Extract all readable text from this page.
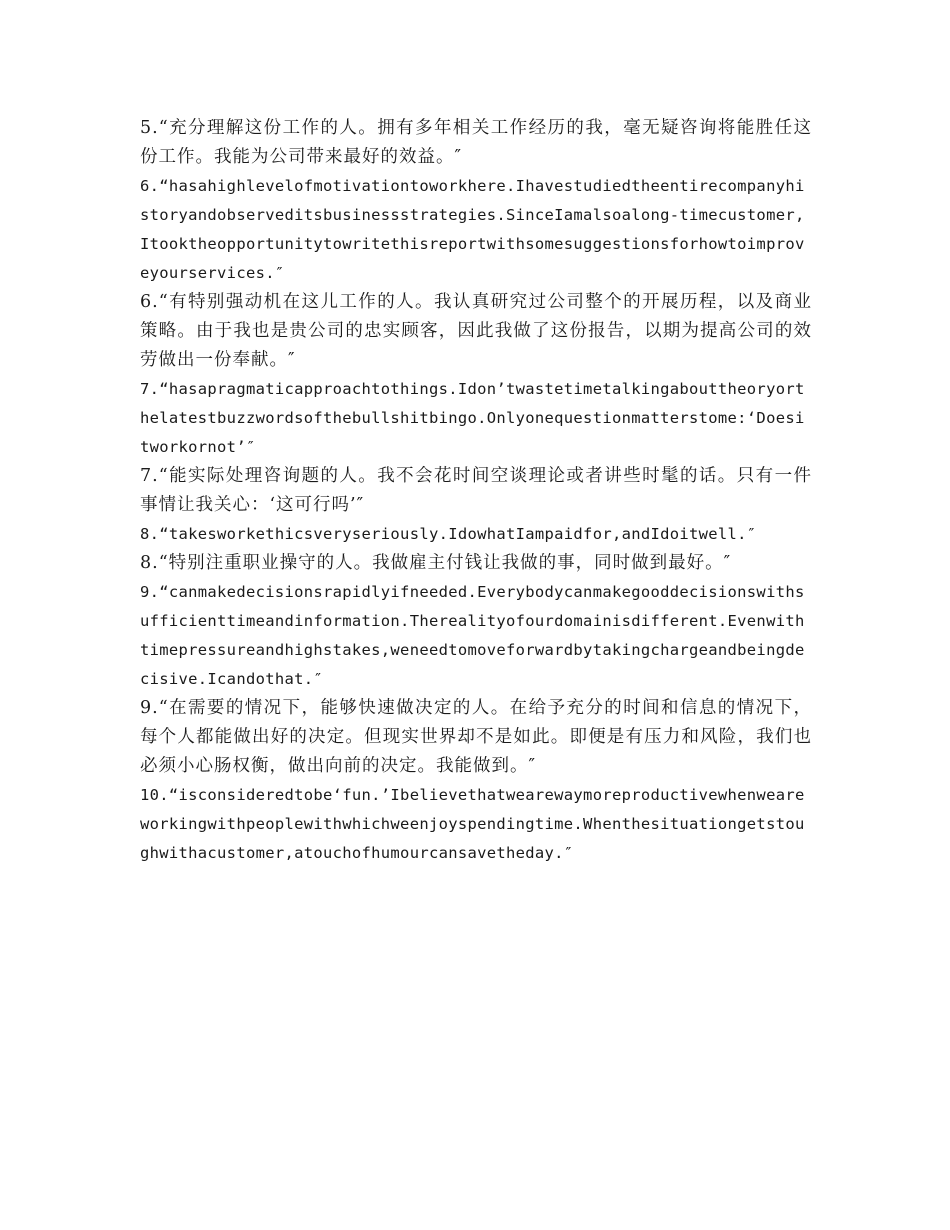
5.“充分理解这份工作的人。拥有多年相关工作经历的我，毫无疑咨询将能胜任这份工作。我能为公司带来最好的效益。″

6.“hasahighlevelofmotivationtoworkhere.Ihavestudiedtheentirecompanyhistoryandobserveditsbusinessstrategies.SinceIamalsoalong-timecustomer,Itooktheopportunitytowritethisreportwithsomesuggestionsforhowtoimproveyourservices.″

6.“有特别强动机在这儿工作的人。我认真研究过公司整个的开展历程，以及商业策略。由于我也是贵公司的忠实顾客，因此我做了这份报告，以期为提高公司的效劳做出一份奉献。″

7.“hasapragmaticapproachtothings.Idon’twastetimetalkingabouttheoryorthelatestbuzzwordsofthebullshitbingo.Onlyonequestionmatterstome:‘Doesitworkornot’″

7.“能实际处理咨询题的人。我不会花时间空谈理论或者讲些时髦的话。只有一件事情让我关心：‘这可行吗’″

8.“takesworkethicsveryseriously.IdowhatIampaidfor,andIdoitwell.″

8.“特别注重职业操守的人。我做雇主付钱让我做的事，同时做到最好。″

9.“canmakedecisionsrapidlyifneeded.Everybodycanmakegooddecisionswithsufficienttimeandinformation.Therealityofourdomainisdifferent.Evenwithtimepressureandhighstakes,weneedtomoveforwardbytakingchargeandbeingdecisive.Icandothat.″

9.“在需要的情况下，能够快速做决定的人。在给予充分的时间和信息的情况下，每个人都能做出好的决定。但现实世界却不是如此。即便是有压力和风险，我们也必须小心肠权衡，做出向前的决定。我能做到。″

10.“isconsideredtobe‘fun.’Ibelievethatwearewaymoreproductivewhenweareworkingwithpeoplewithwhichweenjoyspendingtime.Whenthesituationgetstoughwithacustomer,atouchofhumourcansavetheday.″
